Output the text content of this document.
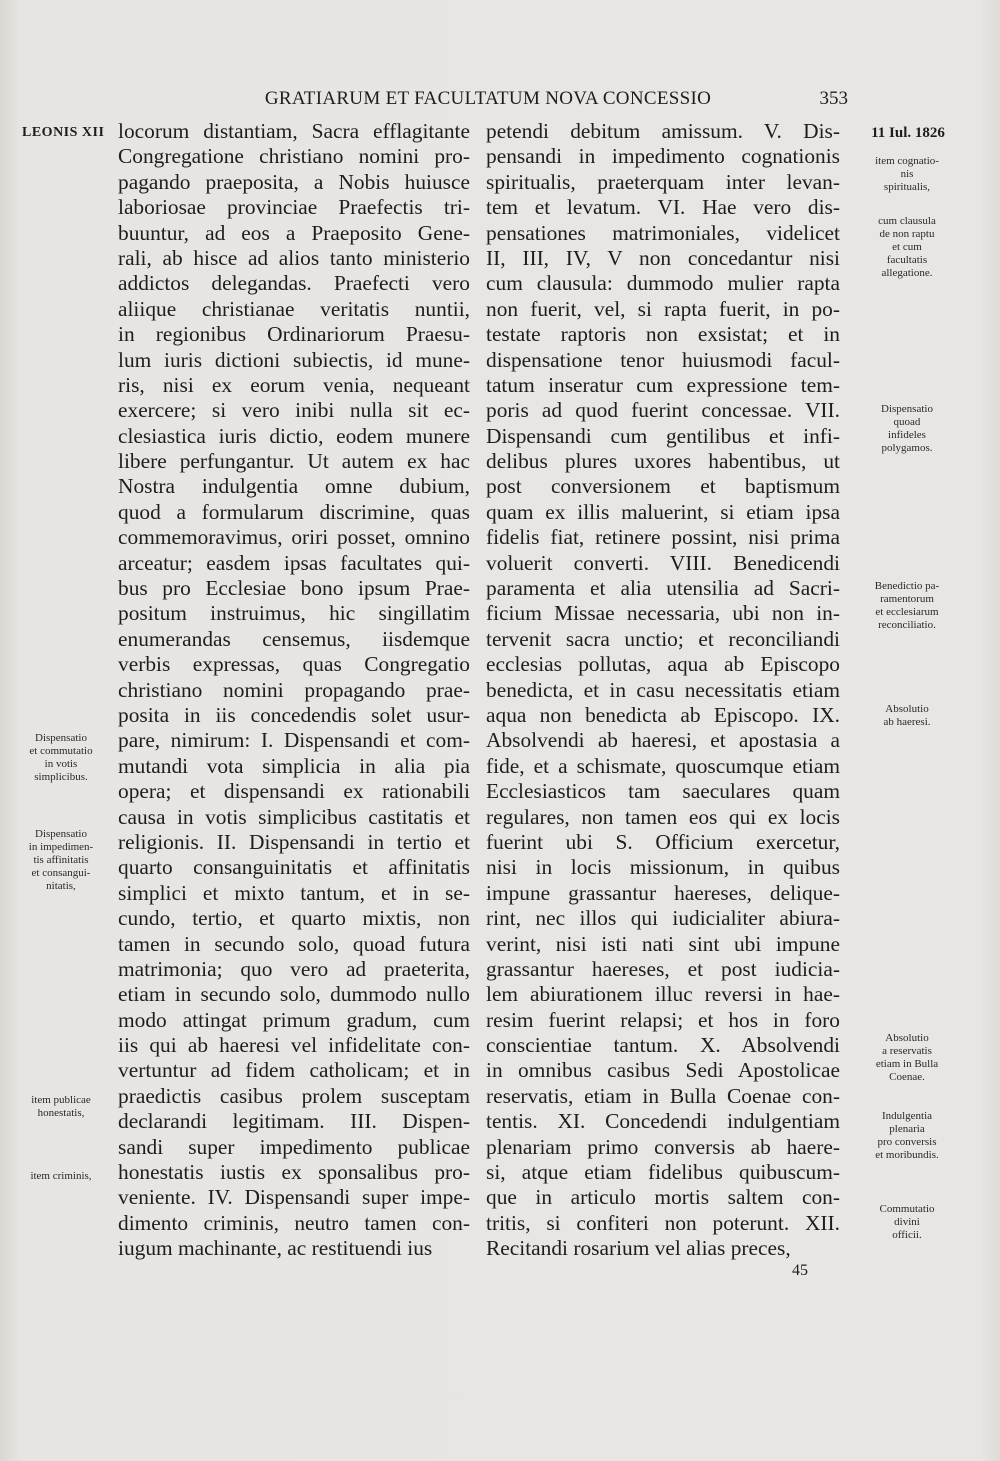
GRATIARUM ET FACULTATUM NOVA CONCESSIO	353

LEONIS XII	11 Iul. 1826
Dispensatio
et commutatio
in votis
simplicibus.
Dispensatio
in impedimen-
tis affinitatis
et consangui-
nitatis,
item publicae
honestatis,
item criminis,
item cognatio-
nis
spiritualis,
cum clausula
de non raptu
et cum
facultatis
allegatione.
Dispensatio
quoad
infideles
polygamos.
Benedictio pa-
ramentorum
et ecclesiarum
reconciliatio.
Absolutio
ab haeresi.
Absolutio
a reservatis
etiam in Bulla
Coenae.
Indulgentia
plenaria
pro conversis
et moribundis.
Commutatio
divini
officii.
locorum distantiam, Sacra efflagitante
Congregatione christiano nomini pro-
pagando praeposita, a Nobis huiusce
laboriosae provinciae Praefectis tri-
buuntur, ad eos a Praeposito Gene-
rali, ab hisce ad alios tanto ministerio
addictos delegandas. Praefecti vero
aliique christianae veritatis nuntii,
in regionibus Ordinariorum Praesu-
lum iuris dictioni subiectis, id mune-
ris, nisi ex eorum venia, nequeant
exercere; si vero inibi nulla sit ec-
clesiastica iuris dictio, eodem munere
libere perfungantur. Ut autem ex hac
Nostra indulgentia omne dubium,
quod a formularum discrimine, quas
commemoravimus, oriri posset, omnino
arceatur; easdem ipsas facultates qui-
bus pro Ecclesiae bono ipsum Prae-
positum instruimus, hic singillatim
enumerandas censemus, iisdemque
verbis expressas, quas Congregatio
christiano nomini propagando prae-
posita in iis concedendis solet usur-
pare, nimirum: I. Dispensandi et com-
mutandi vota simplicia in alia pia
opera; et dispensandi ex rationabili
causa in votis simplicibus castitatis et
religionis. II. Dispensandi in tertio et
quarto consanguinitatis et affinitatis
simplici et mixto tantum, et in se-
cundo, tertio, et quarto mixtis, non
tamen in secundo solo, quoad futura
matrimonia; quo vero ad praeterita,
etiam in secundo solo, dummodo nullo
modo attingat primum gradum, cum
iis qui ab haeresi vel infidelitate con-
vertuntur ad fidem catholicam; et in
praedictis casibus prolem susceptam
declarandi legitimam. III. Dispen-
sandi super impedimento publicae
honestatis iustis ex sponsalibus pro-
veniente. IV. Dispensandi super impe-
dimento criminis, neutro tamen con-
iugum machinante, ac restituendi ius
petendi debitum amissum. V. Dis-
pensandi in impedimento cognationis
spiritualis, praeterquam inter levan-
tem et levatum. VI. Hae vero dis-
pensationes matrimoniales, videlicet
II, III, IV, V non concedantur nisi
cum clausula: dummodo mulier rapta
non fuerit, vel, si rapta fuerit, in po-
testate raptoris non exsistat; et in
dispensatione tenor huiusmodi facul-
tatum inseratur cum expressione tem-
poris ad quod fuerint concessae. VII.
Dispensandi cum gentilibus et infi-
delibus plures uxores habentibus, ut
post conversionem et baptismum
quam ex illis maluerint, si etiam ipsa
fidelis fiat, retinere possint, nisi prima
voluerit converti. VIII. Benedicendi
paramenta et alia utensilia ad Sacri-
ficium Missae necessaria, ubi non in-
tervenit sacra unctio; et reconciliandi
ecclesias pollutas, aqua ab Episcopo
benedicta, et in casu necessitatis etiam
aqua non benedicta ab Episcopo. IX.
Absolvendi ab haeresi, et apostasia a
fide, et a schismate, quoscumque etiam
Ecclesiasticos tam saeculares quam
regulares, non tamen eos qui ex locis
fuerint ubi S. Officium exercetur,
nisi in locis missionum, in quibus
impune grassantur haereses, delique-
rint, nec illos qui iudicialiter abiura-
verint, nisi isti nati sint ubi impune
grassantur haereses, et post iudicia-
lem abiurationem illuc reversi in hae-
resim fuerint relapsi; et hos in foro
conscientiae tantum. X. Absolvendi
in omnibus casibus Sedi Apostolicae
reservatis, etiam in Bulla Coenae con-
tentis. XI. Concedendi indulgentiam
plenariam primo conversis ab haere-
si, atque etiam fidelibus quibuscum-
que in articulo mortis saltem con-
tritis, si confiteri non poterunt. XII.
Recitandi rosarium vel alias preces,
45
